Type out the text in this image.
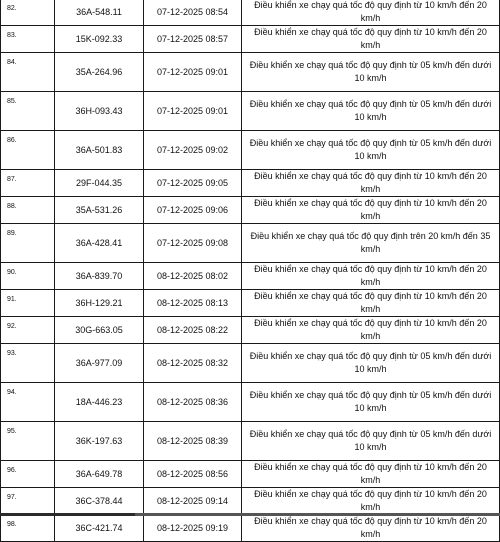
82.	36A-548.11	07-12-2025 08:54	Điều khiển xe chạy quá tốc độ quy định từ 10 km/h đến 20 km/h
83.	15K-092.33	07-12-2025 08:57	Điều khiển xe chạy quá tốc độ quy định từ 10 km/h đến 20 km/h
84.	35A-264.96	07-12-2025 09:01	Điều khiển xe chạy quá tốc độ quy định từ 05 km/h đến dưới 10 km/h
85.	36H-093.43	07-12-2025 09:01	Điều khiển xe chạy quá tốc độ quy định từ 05 km/h đến dưới 10 km/h
86.	36A-501.83	07-12-2025 09:02	Điều khiển xe chạy quá tốc độ quy định từ 05 km/h đến dưới 10 km/h
87.	29F-044.35	07-12-2025 09:05	Điều khiển xe chạy quá tốc độ quy định từ 10 km/h đến 20 km/h
88.	35A-531.26	07-12-2025 09:06	Điều khiển xe chạy quá tốc độ quy định từ 10 km/h đến 20 km/h
89.	36A-428.41	07-12-2025 09:08	Điều khiển xe chạy quá tốc độ quy định trên 20 km/h đến 35 km/h
90.	36A-839.70	08-12-2025 08:02	Điều khiển xe chạy quá tốc độ quy định từ 10 km/h đến 20 km/h
91.	36H-129.21	08-12-2025 08:13	Điều khiển xe chạy quá tốc độ quy định từ 10 km/h đến 20 km/h
92.	30G-663.05	08-12-2025 08:22	Điều khiển xe chạy quá tốc độ quy định từ 10 km/h đến 20 km/h
93.	36A-977.09	08-12-2025 08:32	Điều khiển xe chạy quá tốc độ quy định từ 05 km/h đến dưới 10 km/h
94.	18A-446.23	08-12-2025 08:36	Điều khiển xe chạy quá tốc độ quy định từ 05 km/h đến dưới 10 km/h
95.	36K-197.63	08-12-2025 08:39	Điều khiển xe chạy quá tốc độ quy định từ 05 km/h đến dưới 10 km/h
96.	36A-649.78	08-12-2025 08:56	Điều khiển xe chạy quá tốc độ quy định từ 10 km/h đến 20 km/h
97.	36C-378.44	08-12-2025 09:14	Điều khiển xe chạy quá tốc độ quy định từ 10 km/h đến 20 km/h
98.	36C-421.74	08-12-2025 09:19	Điều khiển xe chạy quá tốc độ quy định từ 10 km/h đến 20 km/h
